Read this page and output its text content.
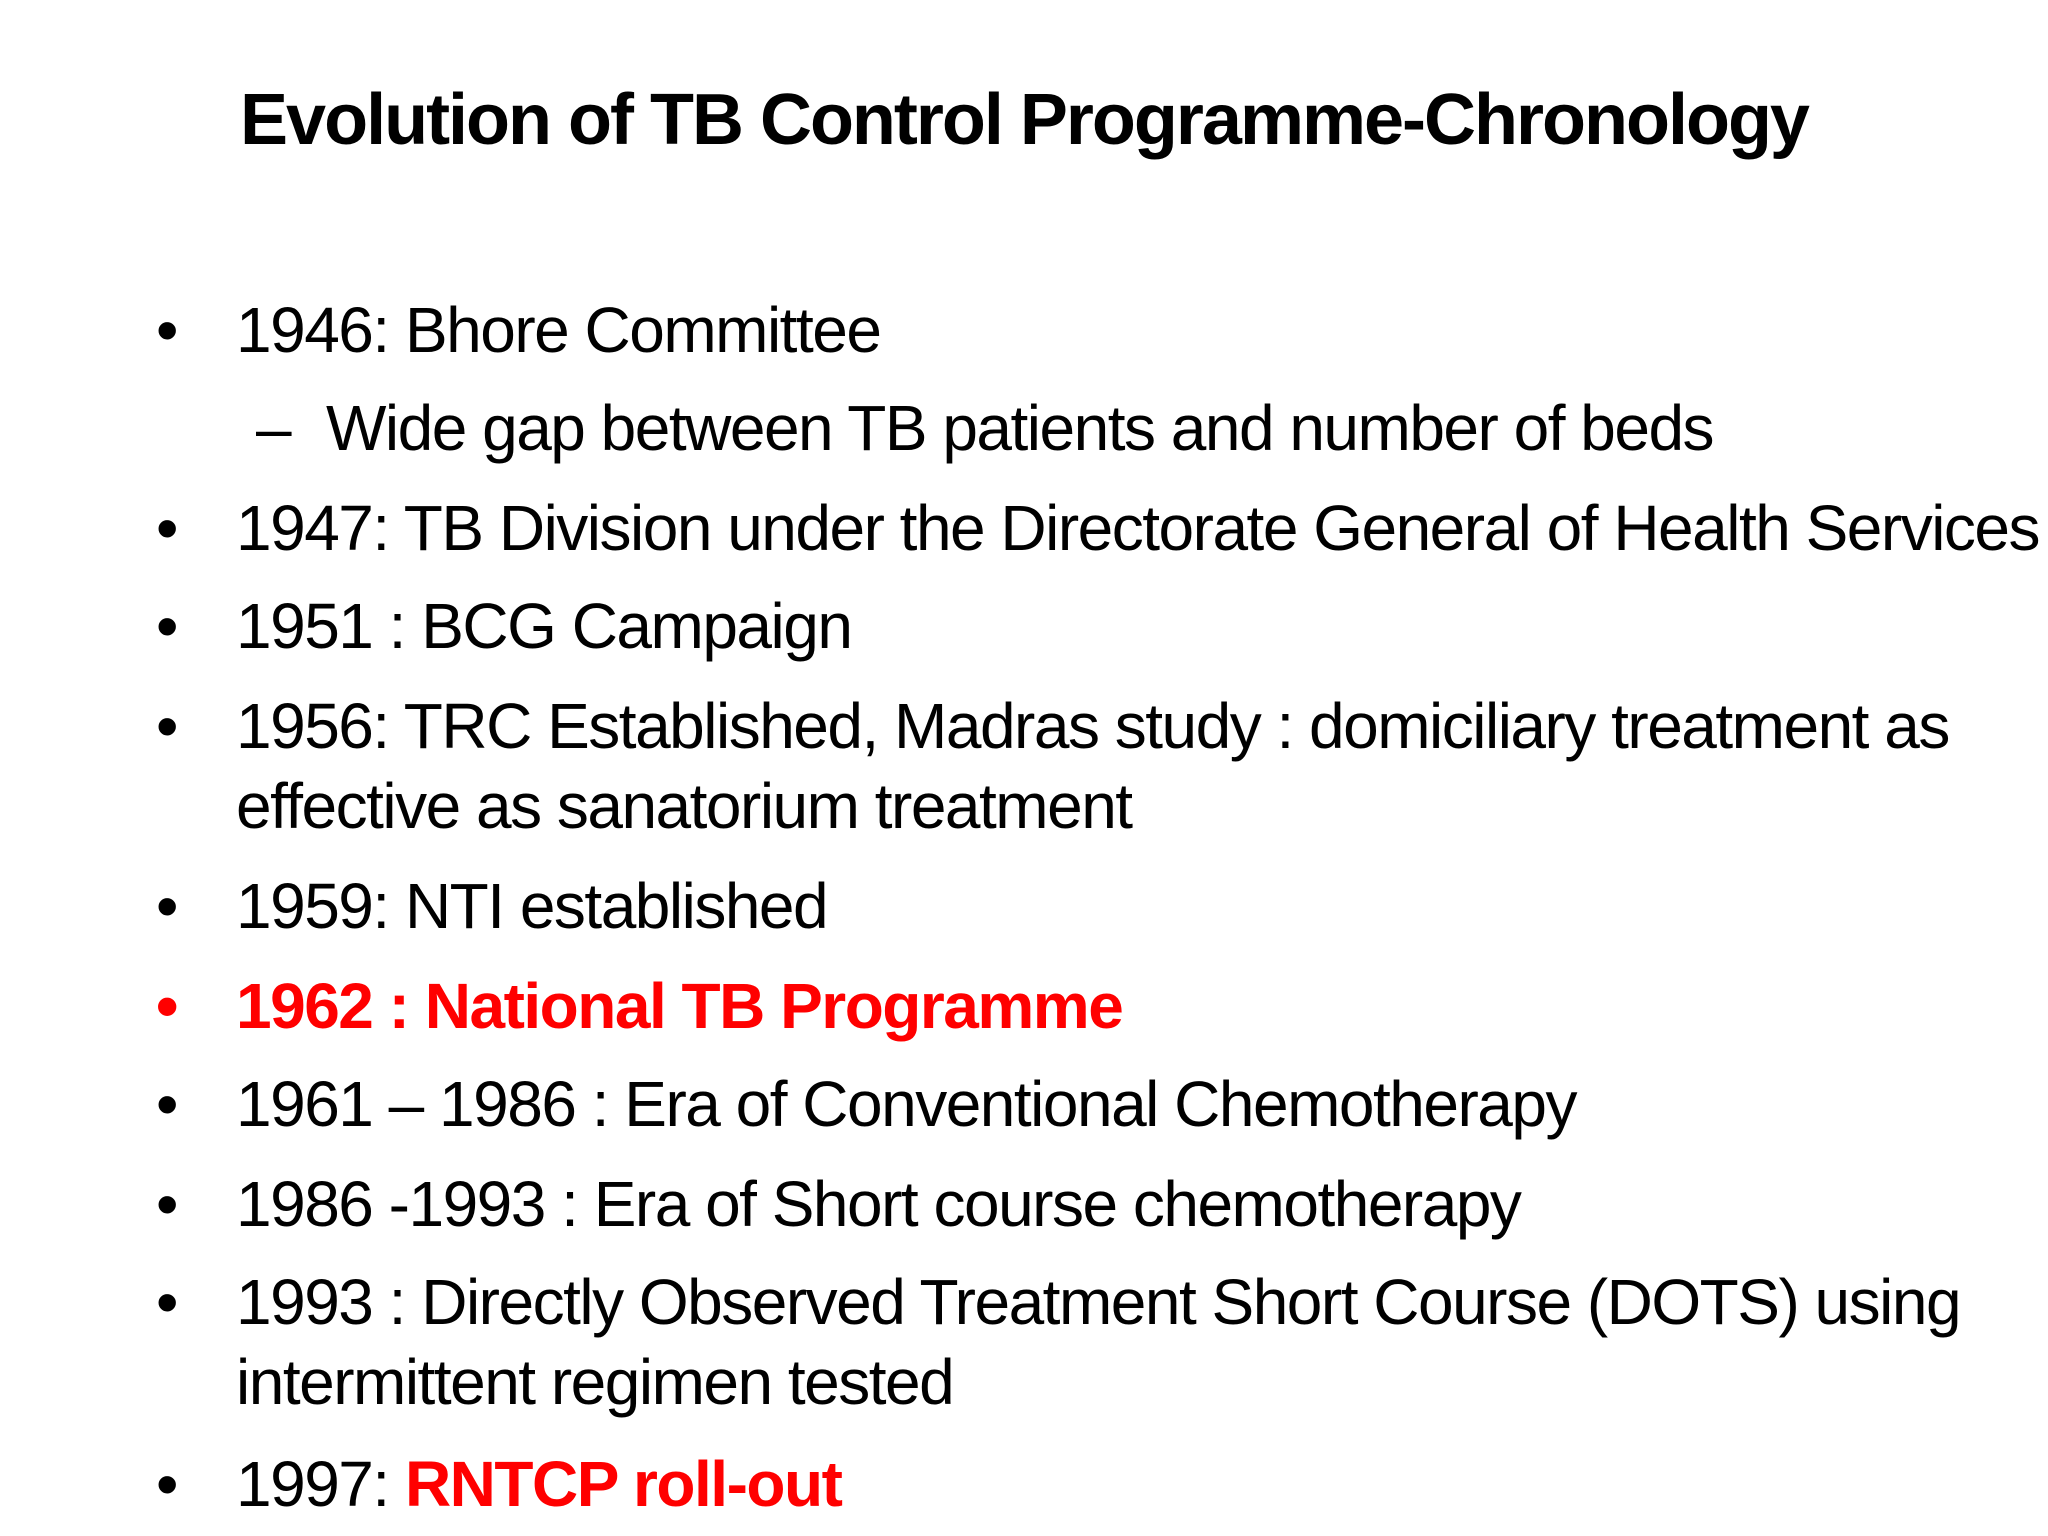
Evolution of TB Control Programme-Chronology
• 1946: Bhore Committee
– Wide gap between TB patients and number of beds
• 1947: TB Division under the Directorate General of Health Services
• 1951 : BCG Campaign
• 1956: TRC Established, Madras study : domiciliary treatment as
effective as sanatorium treatment
• 1959: NTI established
• 1962 : National TB Programme
• 1961 – 1986 : Era of Conventional Chemotherapy
• 1986 -1993 : Era of Short course chemotherapy
• 1993 : Directly Observed Treatment Short Course (DOTS) using
intermittent regimen tested
• 1997: RNTCP roll-out
